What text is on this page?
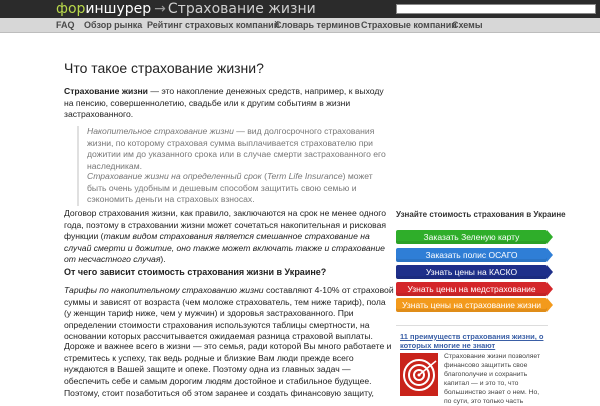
фориншурер → Страхование жизни
FAQ Обзор рынка Рейтинг страховых компаний
Словарь терминов Страховые компании
Схемы
Что такое страхование жизни?

Страхование жизни — это накопление денежных средств, например, к выходу на пенсию, совершеннолетию, свадьбе или к другим событиям в жизни застрахованного.

Накопительное страхование жизни — вид долгосрочного страхования жизни, по которому страховая сумма выплачивается страхователю при дожитии им до указанного срока или в случае смерти застрахованного его наследникам.

Страхование жизни на определенный срок (Term Life Insurance) может быть очень удобным и дешевым способом защитить свою семью и сэкономить деньги на страховых взносах.

Договор страхования жизни, как правило, заключаются на срок не менее одного года, поэтому в страховании жизни может сочетаться накопительная и рисковая функции (таким видом страхования является смешанное страхование на случай смерти и дожитие, оно также может включать также и страхование от несчастного случая).

От чего зависит стоимость страхования жизни в Украине?

Тарифы по накопительному страхованию жизни составляют 4-10% от страховой суммы и зависят от возраста (чем моложе страхователь, тем ниже тариф), пола (у женщин тариф ниже, чем у мужчин) и здоровья застрахованного. При определении стоимости страхования используются таблицы смертности, на основании которых рассчитывается ожидаемая разница страховой выплаты.

Дороже и важнее всего в жизни — это семья, ради которой Вы много работаете и стремитесь к успеху, так ведь родные и близкие Вам люди прежде всего нуждаются в Вашей защите и опеке. Поэтому одна из главных задач — обеспечить себе и самым дорогим людям достойное и стабильное будущее.

Поэтому, стоит позаботиться об этом заранее и создать финансовую защиту,

Узнайте стоимость страхования в Украине
Заказать Зеленую карту
Заказать полис ОСАГО
Узнать цены на КАСКО
Узнать цены на медстрахование
Узнать цены на страхование жизни
11 преимуществ страхования жизни, о которых многие не знают
Страхование жизни позволяет финансово защитить свое благополучие и сохранить капитал — и это то, что большинство знает о нем. Но, по сути, это только часть
